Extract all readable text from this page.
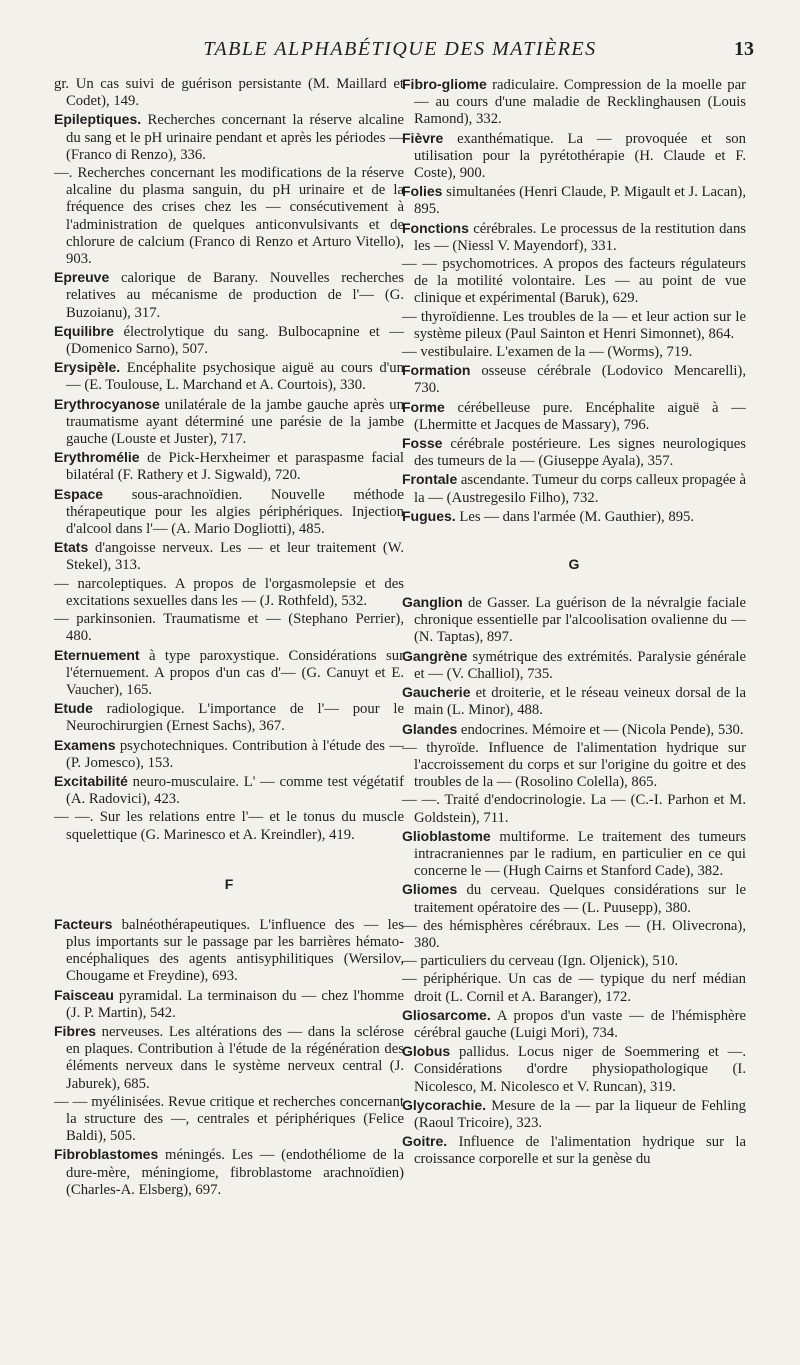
TABLE ALPHABÉTIQUE DES MATIÈRES	13

gr. Un cas suivi de guérison persistante (M. Maillard et Codet), 149.

Epileptiques. Recherches concernant la réserve alcaline du sang et le pH urinaire pendant et après les périodes — (Franco di Renzo), 336.

—. Recherches concernant les modifications de la réserve alcaline du plasma sanguin, du pH urinaire et de la fréquence des crises chez les — consécutivement à l'administration de quelques anticonvulsivants et de chlorure de calcium (Franco di Renzo et Arturo Vitello), 903.

Epreuve calorique de Barany. Nouvelles recherches relatives au mécanisme de production de l'— (G. Buzoianu), 317.

Equilibre électrolytique du sang. Bulbocapnine et — (Domenico Sarno), 507.

Erysipèle. Encéphalite psychosique aiguë au cours d'un — (E. Toulouse, L. Marchand et A. Courtois), 330.

Erythrocyanose unilatérale de la jambe gauche après un traumatisme ayant déterminé une parésie de la jambe gauche (Louste et Juster), 717.

Erythromélie de Pick-Herxheimer et paraspasme facial bilatéral (F. Rathery et J. Sigwald), 720.

Espace sous-arachnoïdien. Nouvelle méthode thérapeutique pour les algies périphériques. Injection d'alcool dans l'— (A. Mario Dogliotti), 485.

Etats d'angoisse nerveux. Les — et leur traitement (W. Stekel), 313.

— narcoleptiques. A propos de l'orgasmolepsie et des excitations sexuelles dans les — (J. Rothfeld), 532.

— parkinsonien. Traumatisme et — (Stephano Perrier), 480.

Eternuement à type paroxystique. Considérations sur l'éternuement. A propos d'un cas d'— (G. Canuyt et E. Vaucher), 165.

Etude radiologique. L'importance de l'— pour le Neurochirurgien (Ernest Sachs), 367.

Examens psychotechniques. Contribution à l'étude des — (P. Jomesco), 153.

Excitabilité neuro-musculaire. L' — comme test végétatif (A. Radovici), 423.

— —. Sur les relations entre l'— et le tonus du muscle squelettique (G. Marinesco et A. Kreindler), 419.

F

Facteurs balnéothérapeutiques. L'influence des — les plus importants sur le passage par les barrières hémato-encéphaliques des agents antisyphilitiques (Wersilov, Chougame et Freydine), 693.

Faisceau pyramidal. La terminaison du — chez l'homme (J. P. Martin), 542.

Fibres nerveuses. Les altérations des — dans la sclérose en plaques. Contribution à l'étude de la régénération des éléments nerveux dans le système nerveux central (J. Jaburek), 685.

— — myélinisées. Revue critique et recherches concernant la structure des —, centrales et périphériques (Felice Baldi), 505.

Fibroblastomes méningés. Les — (endothéliome de la dure-mère, méningiome, fibroblastome arachnoïdien) (Charles-A. Elsberg), 697.

Fibro-gliome radiculaire. Compression de la moelle par — au cours d'une maladie de Recklinghausen (Louis Ramond), 332.

Fièvre exanthématique. La — provoquée et son utilisation pour la pyrétothérapie (H. Claude et F. Coste), 900.

Folies simultanées (Henri Claude, P. Migault et J. Lacan), 895.

Fonctions cérébrales. Le processus de la restitution dans les — (Niessl V. Mayendorf), 331.

— — psychomotrices. A propos des facteurs régulateurs de la motilité volontaire. Les — au point de vue clinique et expérimental (Baruk), 629.

— thyroïdienne. Les troubles de la — et leur action sur le système pileux (Paul Sainton et Henri Simonnet), 864.

— vestibulaire. L'examen de la — (Worms), 719.

Formation osseuse cérébrale (Lodovico Mencarelli), 730.

Forme cérébelleuse pure. Encéphalite aiguë à — (Lhermitte et Jacques de Massary), 796.

Fosse cérébrale postérieure. Les signes neurologiques des tumeurs de la — (Giuseppe Ayala), 357.

Frontale ascendante. Tumeur du corps calleux propagée à la — (Austregesilo Filho), 732.

Fugues. Les — dans l'armée (M. Gauthier), 895.

G

Ganglion de Gasser. La guérison de la névralgie faciale chronique essentielle par l'alcoolisation ovalienne du — (N. Taptas), 897.

Gangrène symétrique des extrémités. Paralysie générale et — (V. Challiol), 735.

Gaucherie et droiterie, et le réseau veineux dorsal de la main (L. Minor), 488.

Glandes endocrines. Mémoire et — (Nicola Pende), 530.

— thyroïde. Influence de l'alimentation hydrique sur l'accroissement du corps et sur l'origine du goitre et des troubles de la — (Rosolino Colella), 865.

— —. Traité d'endocrinologie. La — (C.-I. Parhon et M. Goldstein), 711.

Glioblastome multiforme. Le traitement des tumeurs intracraniennes par le radium, en particulier en ce qui concerne le — (Hugh Cairns et Stanford Cade), 382.

Gliomes du cerveau. Quelques considérations sur le traitement opératoire des — (L. Puusepp), 380.

— des hémisphères cérébraux. Les — (H. Olivecrona), 380.

— particuliers du cerveau (Ign. Oljenick), 510.

— périphérique. Un cas de — typique du nerf médian droit (L. Cornil et A. Baranger), 172.

Gliosarcome. A propos d'un vaste — de l'hémisphère cérébral gauche (Luigi Mori), 734.

Globus pallidus. Locus niger de Soemmering et —. Considérations d'ordre physiopathologique (I. Nicolesco, M. Nicolesco et V. Runcan), 319.

Glycorachie. Mesure de la — par la liqueur de Fehling (Raoul Tricoire), 323.

Goitre. Influence de l'alimentation hydrique sur la croissance corporelle et sur la genèse du
